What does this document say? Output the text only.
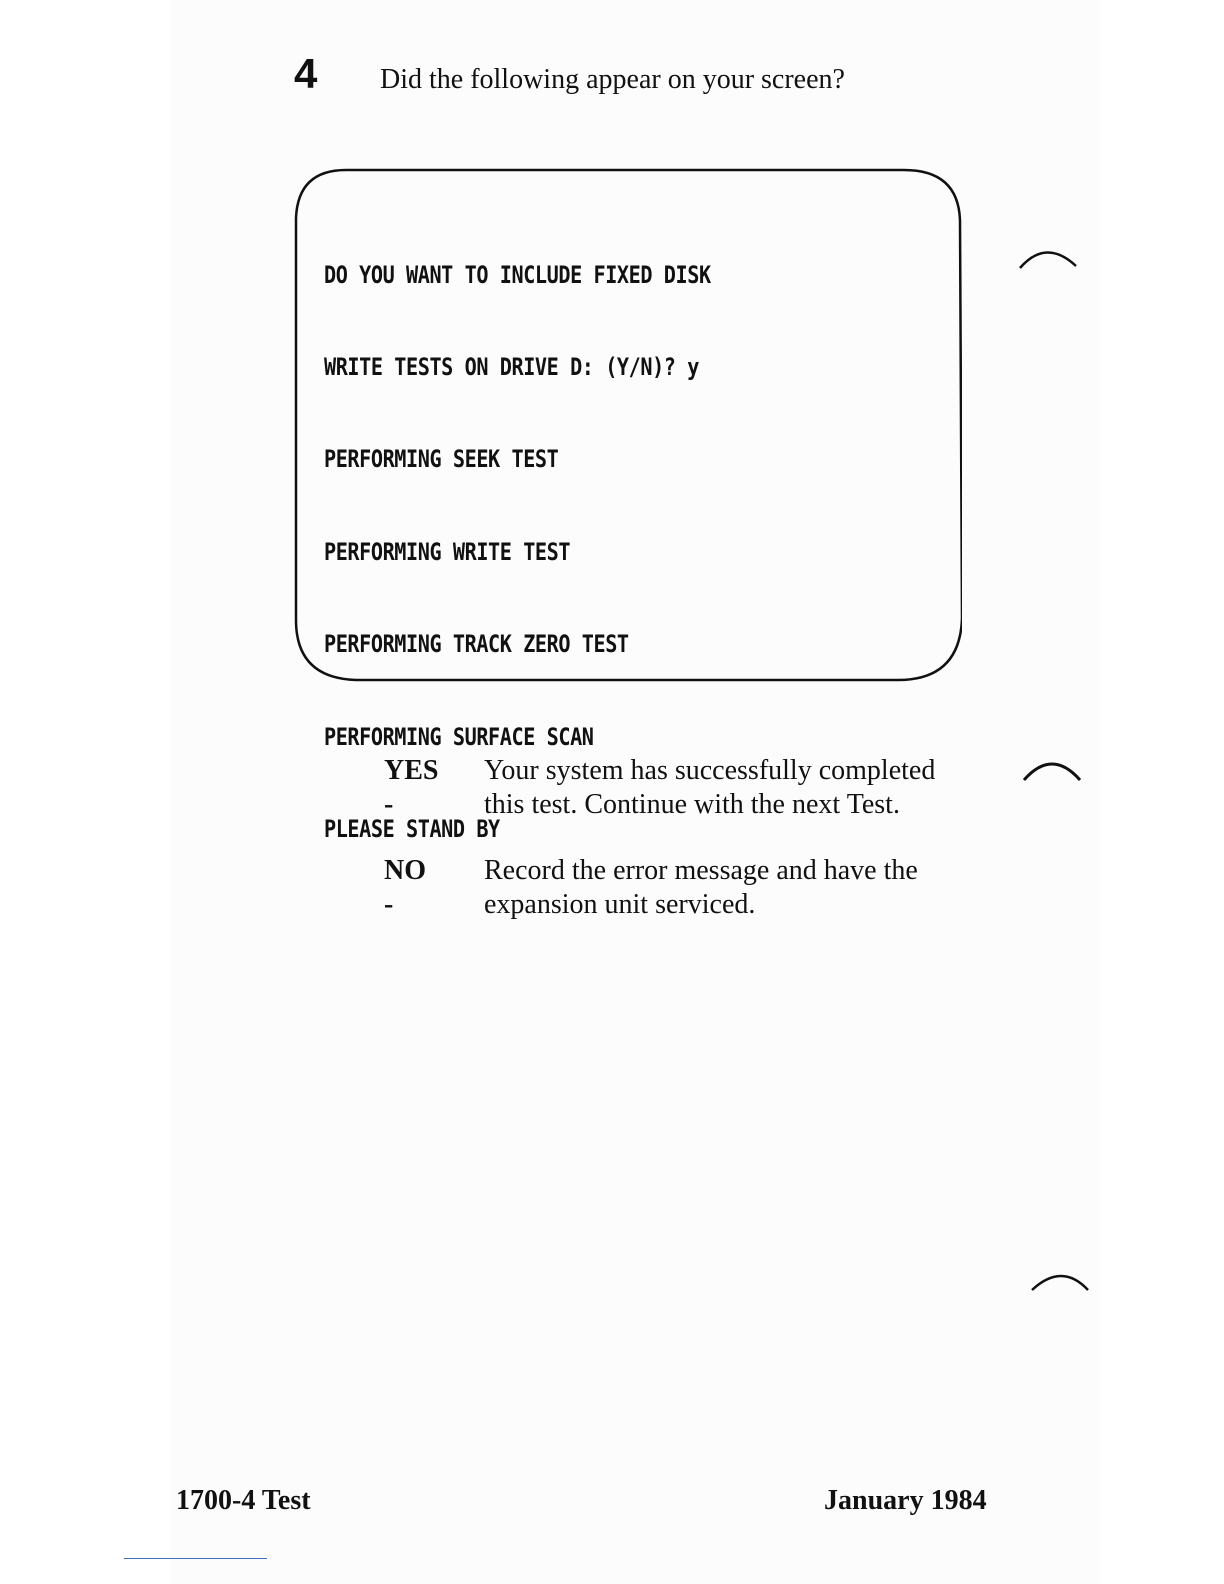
4 Did the following appear on your screen?

DO YOU WANT TO INCLUDE FIXED DISK

WRITE TESTS ON DRIVE D: (Y/N)? y

PERFORMING SEEK TEST

PERFORMING WRITE TEST

PERFORMING TRACK ZERO TEST

PERFORMING SURFACE SCAN

PLEASE STAND BY

YES -
Your system has successfully completed
this test. Continue with the next Test.
NO -
Record the error message and have the
expansion unit serviced.
1700-4 Test	January 1984
